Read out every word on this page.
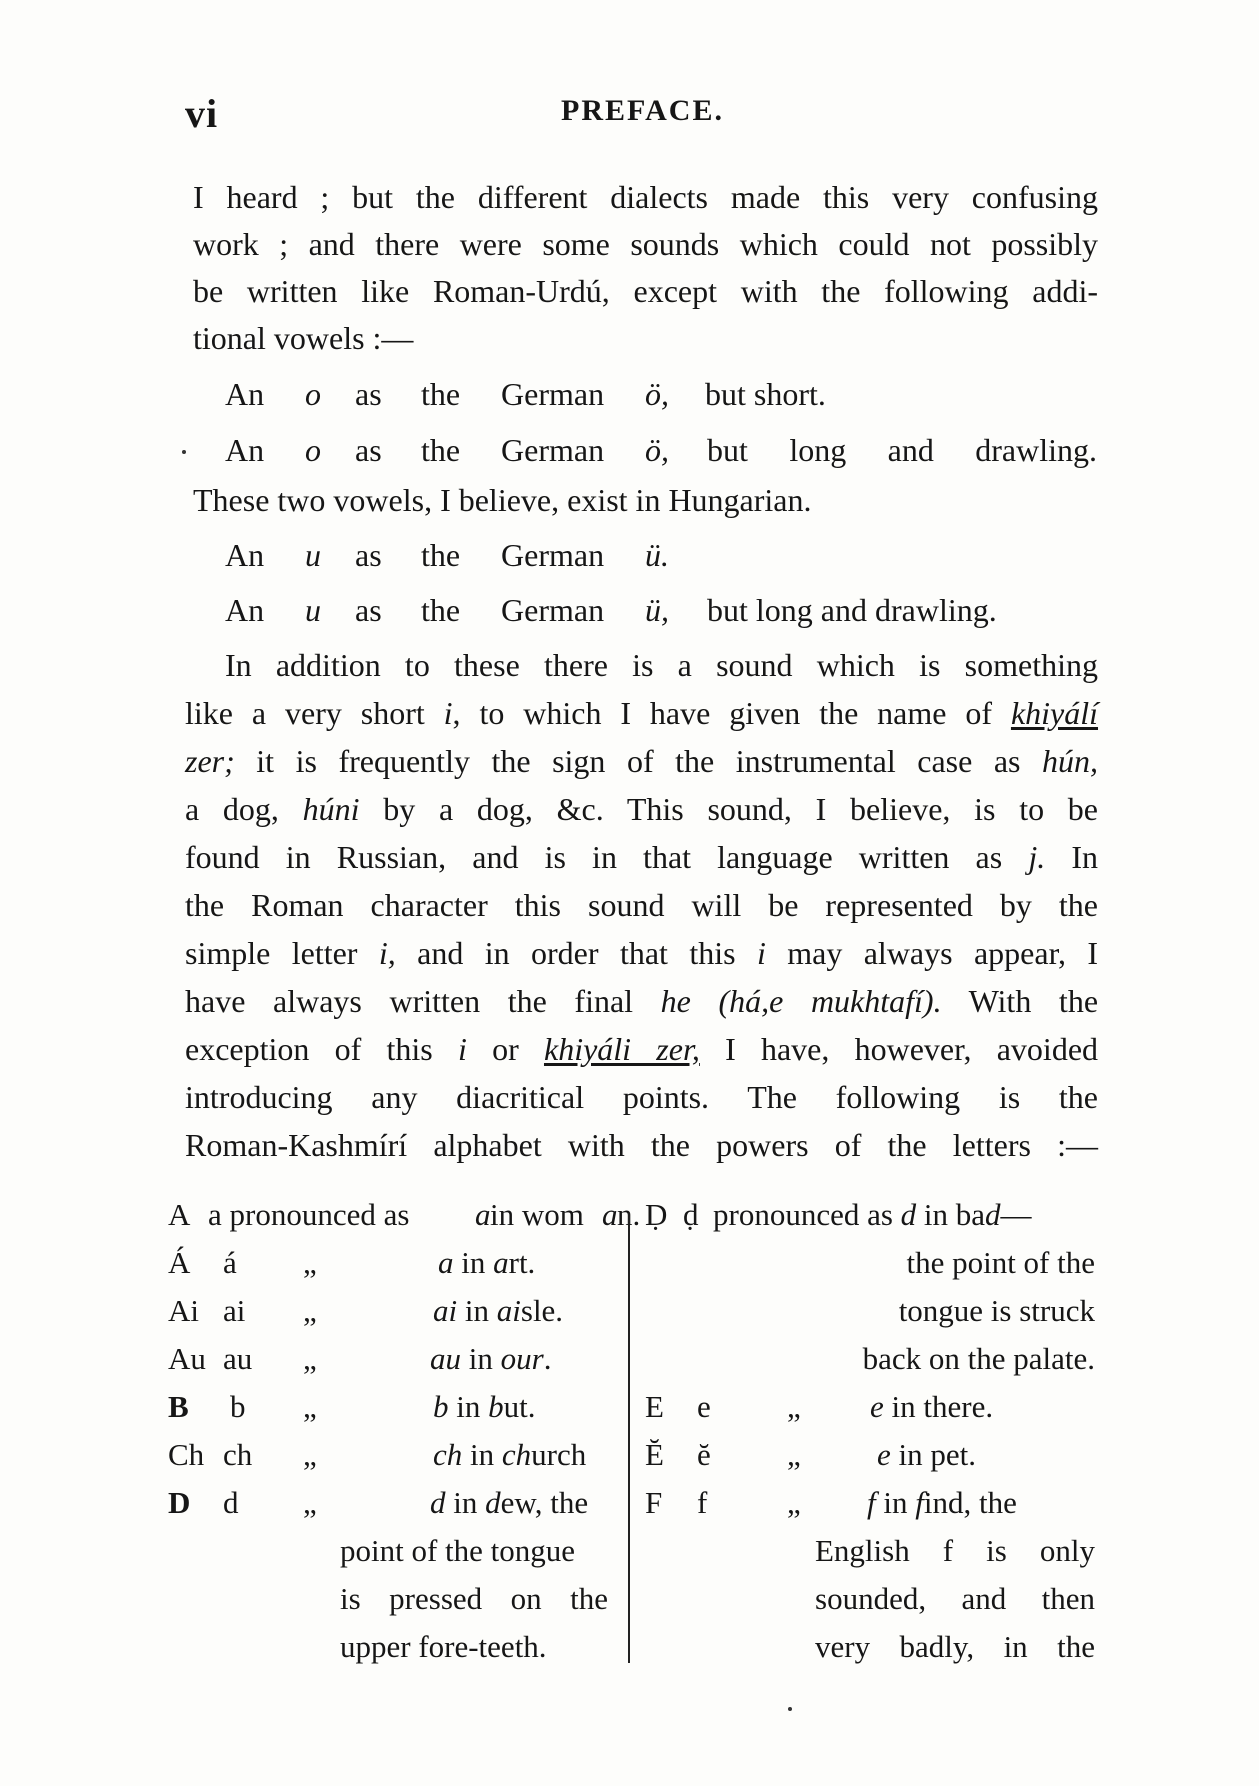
vi	PREFACE.
I heard ; but the different dialects made this very confusing
work ; and there were some sounds which could not possibly
be written like Roman-Urdú, except with the following addi-
tional vowels :—
An o as the German ö, but short.
An o as the German ö, but long and drawling.
These two vowels, I believe, exist in Hungarian.
An u as the German ü.
An u as the German ü, but long and drawling.
In addition to these there is a sound which is something
like a very short i, to which I have given the name of khiyálí
zer; it is frequently the sign of the instrumental case as hún,
a dog, húni by a dog, &c. This sound, I believe, is to be
found in Russian, and is in that language written as j. In
the Roman character this sound will be represented by the
simple letter i, and in order that this i may always appear, I
have always written the final he (há,e mukhtafí). With the
exception of this i or khiyáli zer, I have, however, avoided
introducing any diacritical points. The following is the
Roman-Kashmírí alphabet with the powers of the letters :—
A a pronounced as a in wom a n.
Á á „	a in art.
Ai ai „	ai in aisle.
Au au „	au in our.
B b „	b in but.
Ch ch „	ch in church
D d „	d in dew, the
point of the tongue
is pressed on the
upper fore-teeth.
Ḍ ḍ pronounced as d in bad—
the point of the
tongue is struck
back on the palate.
E e „ e in there.
Ĕ ĕ „ e in pet.
F f	„ f in find, the
English f is only
sounded, and then
very badly, in the
